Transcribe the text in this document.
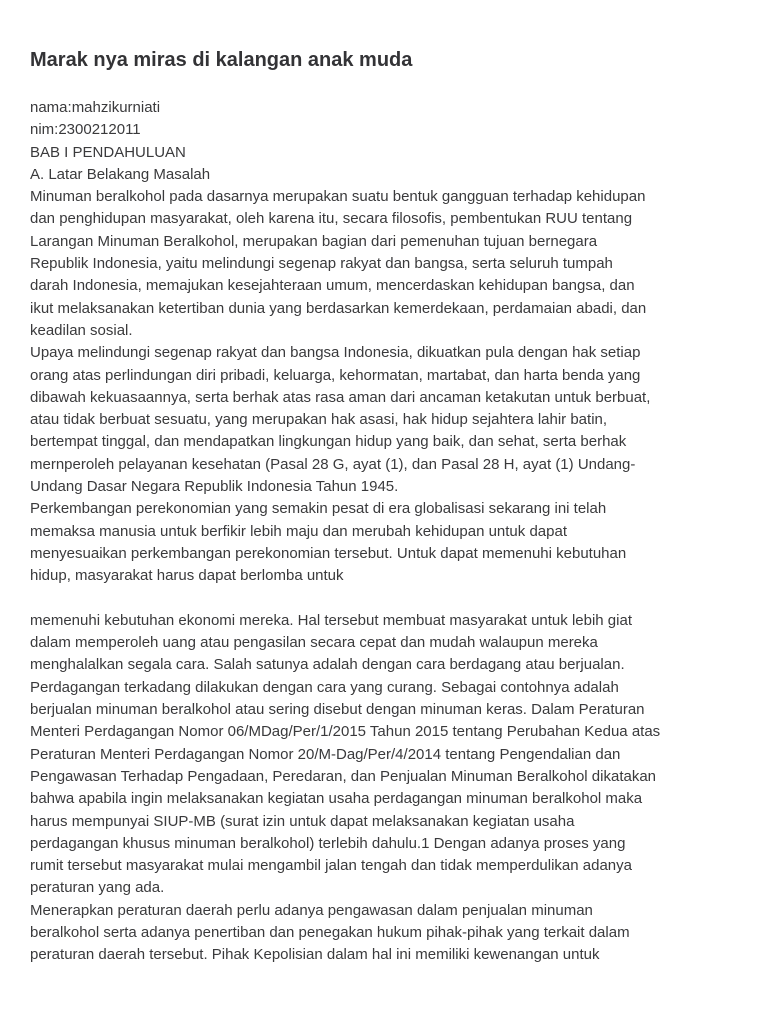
Marak nya miras di kalangan anak muda
nama:mahzikurniati
nim:2300212011
BAB I PENDAHULUAN
A. Latar Belakang Masalah
Minuman beralkohol pada dasarnya merupakan suatu bentuk gangguan terhadap kehidupan
dan penghidupan masyarakat, oleh karena itu, secara filosofis, pembentukan RUU tentang
Larangan Minuman Beralkohol, merupakan bagian dari pemenuhan tujuan bernegara
Republik Indonesia, yaitu melindungi segenap rakyat dan bangsa, serta seluruh tumpah
darah Indonesia, memajukan kesejahteraan umum, mencerdaskan kehidupan bangsa, dan
ikut melaksanakan ketertiban dunia yang berdasarkan kemerdekaan, perdamaian abadi, dan
keadilan sosial.
Upaya melindungi segenap rakyat dan bangsa Indonesia, dikuatkan pula dengan hak setiap
orang atas perlindungan diri pribadi, keluarga, kehormatan, martabat, dan harta benda yang
dibawah kekuasaannya, serta berhak atas rasa aman dari ancaman ketakutan untuk berbuat,
atau tidak berbuat sesuatu, yang merupakan hak asasi, hak hidup sejahtera lahir batin,
bertempat tinggal, dan mendapatkan lingkungan hidup yang baik, dan sehat, serta berhak
mernperoleh pelayanan kesehatan (Pasal 28 G, ayat (1), dan Pasal 28 H, ayat (1) Undang-
Undang Dasar Negara Republik Indonesia Tahun 1945.
Perkembangan perekonomian yang semakin pesat di era globalisasi sekarang ini telah
memaksa manusia untuk berfikir lebih maju dan merubah kehidupan untuk dapat
menyesuaikan perkembangan perekonomian tersebut. Untuk dapat memenuhi kebutuhan
hidup, masyarakat harus dapat berlomba untuk
memenuhi kebutuhan ekonomi mereka. Hal tersebut membuat masyarakat untuk lebih giat
dalam memperoleh uang atau pengasilan secara cepat dan mudah walaupun mereka
menghalalkan segala cara. Salah satunya adalah dengan cara berdagang atau berjualan.
Perdagangan terkadang dilakukan dengan cara yang curang. Sebagai contohnya adalah
berjualan minuman beralkohol atau sering disebut dengan minuman keras. Dalam Peraturan
Menteri Perdagangan Nomor 06/MDag/Per/1/2015 Tahun 2015 tentang Perubahan Kedua atas
Peraturan Menteri Perdagangan Nomor 20/M-Dag/Per/4/2014 tentang Pengendalian dan
Pengawasan Terhadap Pengadaan, Peredaran, dan Penjualan Minuman Beralkohol dikatakan
bahwa apabila ingin melaksanakan kegiatan usaha perdagangan minuman beralkohol maka
harus mempunyai SIUP-MB (surat izin untuk dapat melaksanakan kegiatan usaha
perdagangan khusus minuman beralkohol) terlebih dahulu.1 Dengan adanya proses yang
rumit tersebut masyarakat mulai mengambil jalan tengah dan tidak memperdulikan adanya
peraturan yang ada.
Menerapkan peraturan daerah perlu adanya pengawasan dalam penjualan minuman
beralkohol serta adanya penertiban dan penegakan hukum pihak-pihak yang terkait dalam
peraturan daerah tersebut. Pihak Kepolisian dalam hal ini memiliki kewenangan untuk
